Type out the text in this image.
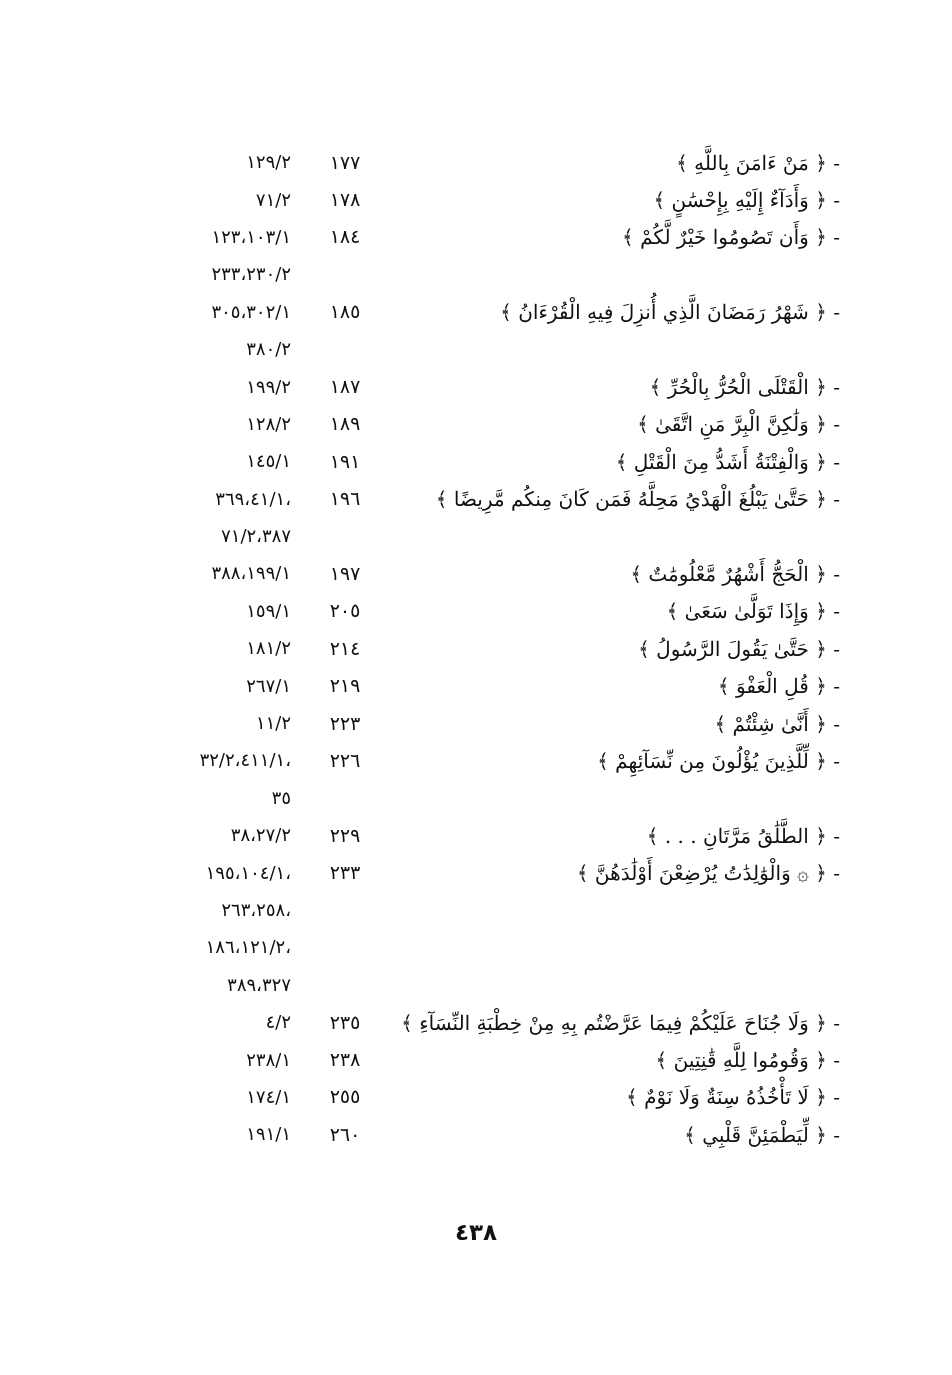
- ﴿ مَنْ ءَامَنَ بِاللَّهِ ﴾
١٧٧
١٢٩/٢
- ﴿ وَأَدَآءٌ إِلَيْهِ بِإِحْسَٰنٍ ﴾
١٧٨
٧١/٢
- ﴿ وَأَن تَصُومُوا خَيْرٌ لَّكُمْ ﴾
١٨٤
١٢٣،١٠٣/١
٢٣٣،٢٣٠/٢
- ﴿ شَهْرُ رَمَضَانَ الَّذِي أُنزِلَ فِيهِ الْقُرْءَانُ ﴾
١٨٥
٣٠٥،٣٠٢/١
٣٨٠/٢
- ﴿ الْقَتْلَى الْحُرُّ بِالْحُرِّ ﴾
١٨٧
١٩٩/٢
- ﴿ وَلَٰكِنَّ الْبِرَّ مَنِ اتَّقَىٰ ﴾
١٨٩
١٢٨/٢
- ﴿ وَالْفِتْنَةُ أَشَدُّ مِنَ الْقَتْلِ ﴾
١٩١
١٤٥/١
- ﴿ حَتَّىٰ يَبْلُغَ الْهَدْيُ مَحِلَّهُ فَمَن كَانَ مِنكُم مَّرِيضًا ﴾
١٩٦
،٣٦٩،٤١/١
٧١/٢،٣٨٧
- ﴿ الْحَجُّ أَشْهُرٌ مَّعْلُومَٰتٌ ﴾
١٩٧
٣٨٨،١٩٩/١
- ﴿ وَإِذَا تَوَلَّىٰ سَعَىٰ ﴾
٢٠٥
١٥٩/١
- ﴿ حَتَّىٰ يَقُولَ الرَّسُولُ ﴾
٢١٤
١٨١/٢
- ﴿ قُلِ الْعَفْوَ ﴾
٢١٩
٢٦٧/١
- ﴿ أَنَّىٰ شِئْتُمْ ﴾
٢٢٣
١١/٢
- ﴿ لِّلَّذِينَ يُؤْلُونَ مِن نِّسَآئِهِمْ ﴾
٢٢٦
،٣٢/٢،٤١١/١
٣٥
- ﴿ الطَّلَٰقُ مَرَّتَانِ . . . ﴾
٢٢٩
٣٨،٢٧/٢
- ﴿ ۞ وَالْوَٰلِدَٰتُ يُرْضِعْنَ أَوْلَٰدَهُنَّ ﴾
٢٣٣
،١٩٥،١٠٤/١
،٢٦٣،٢٥٨
،١٨٦،١٢١/٢
٣٨٩،٣٢٧
- ﴿ وَلَا جُنَاحَ عَلَيْكُمْ فِيمَا عَرَّضْتُم بِهِ مِنْ خِطْبَةِ النِّسَآءِ ﴾
٢٣٥
٤/٢
- ﴿ وَقُومُوا لِلَّهِ قَٰنِتِينَ ﴾
٢٣٨
٢٣٨/١
- ﴿ لَا تَأْخُذُهُ سِنَةٌ وَلَا نَوْمٌ ﴾
٢٥٥
١٧٤/١
- ﴿ لِّيَطْمَئِنَّ قَلْبِي ﴾
٢٦٠
١٩١/١
٤٣٨
